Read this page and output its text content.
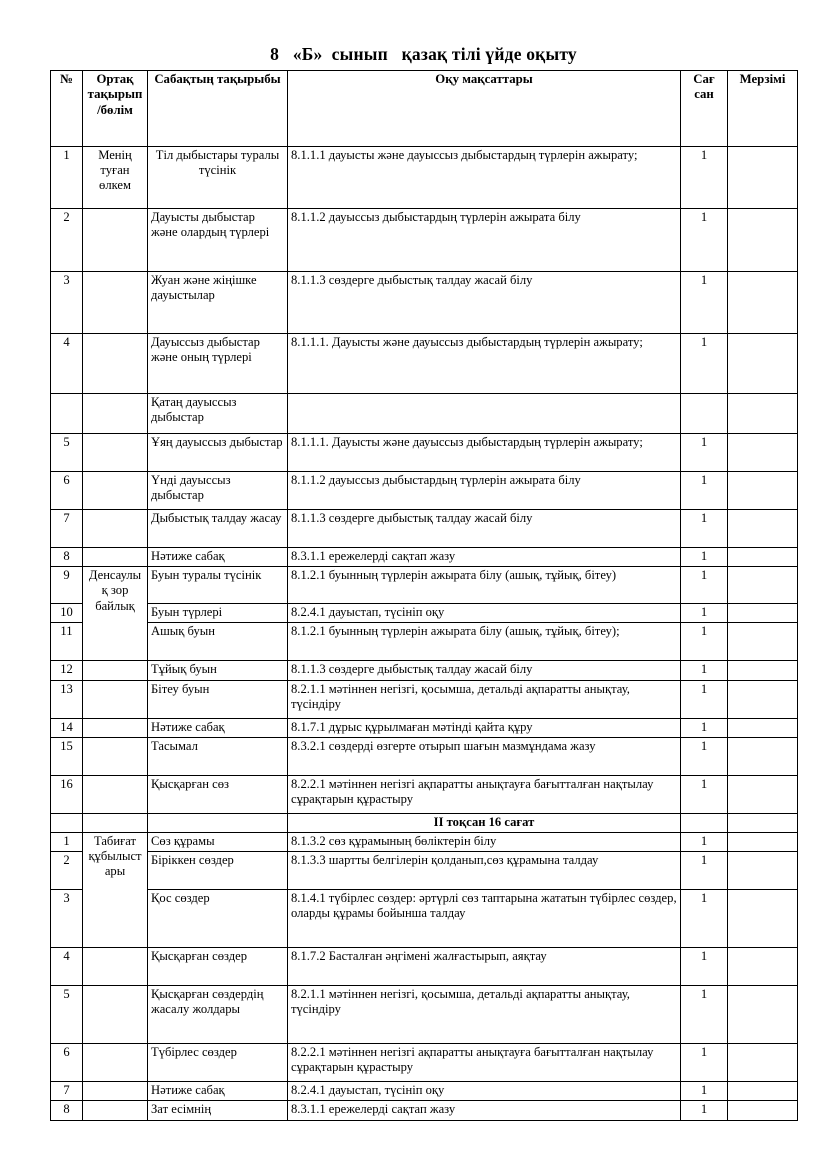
8   «Б»  сынып   қазақ тілі үйде оқыту
№	Ортақ тақырып /бөлім	Сабақтың тақырыбы	Оқу мақсаттары	Сағ сан	Мерзімі
1	Менің туған өлкем	Тіл дыбыстары туралы түсінік	8.1.1.1 дауысты және дауыссыз дыбыстардың түрлерін ажырату;	1	
2		Дауысты дыбыстар және олардың түрлері	8.1.1.2 дауыссыз дыбыстардың түрлерін ажырата білу	1	
3		Жуан және жіңішке дауыстылар	8.1.1.3 сөздерге дыбыстық талдау жасай білу	1	
4		Дауыссыз дыбыстар және оның түрлері	8.1.1.1. Дауысты және дауыссыз дыбыстардың түрлерін ажырату;	1	
		Қатаң дауыссыз дыбыстар			
5		Ұяң дауыссыз дыбыстар	8.1.1.1. Дауысты және дауыссыз дыбыстардың түрлерін ажырату;	1	
6		Үнді дауыссыз дыбыстар	8.1.1.2 дауыссыз дыбыстардың түрлерін ажырата білу	1	
7		Дыбыстық талдау жасау	8.1.1.3 сөздерге дыбыстық талдау жасай білу	1	
8		Нәтиже сабақ	8.3.1.1 ережелерді сақтап жазу	1	
9	Денсаулық зор байлық	Буын туралы түсінік	8.1.2.1 буынның түрлерін ажырата білу (ашық, тұйық, бітеу)	1	
10		Буын түрлері	8.2.4.1 дауыстап, түсініп оқу	1	
11		Ашық буын	8.1.2.1 буынның түрлерін ажырата білу (ашық, тұйық, бітеу);	1	
12		Тұйық буын	8.1.1.3 сөздерге дыбыстық талдау жасай білу	1	
13		Бітеу буын	8.2.1.1 мәтіннен негізгі, қосымша, детальді ақпаратты анықтау, түсіндіру	1	
14		Нәтиже сабақ	8.1.7.1 дұрыс құрылмаған мәтінді қайта құру	1	
15		Тасымал	8.3.2.1 сөздерді өзгерте отырып шағын мазмұндама жазу	1	
16		Қысқарған сөз	8.2.2.1 мәтіннен негізгі ақпаратты анықтауға бағытталған нақтылау сұрақтарын құрастыру	1	
			II тоқсан 16 сағат		
1	Табиғат құбылыстары	Сөз құрамы	8.1.3.2 сөз құрамының бөліктерін білу	1	
2		Біріккен сөздер	8.1.3.3 шартты белгілерін қолданып,сөз құрамына талдау	1	
3		Қос сөздер	8.1.4.1 түбірлес сөздер: әртүрлі сөз таптарына жататын түбірлес сөздер, оларды құрамы бойынша талдау	1	
4		Қысқарған сөздер	8.1.7.2 Басталған әңгімені жалғастырып, аяқтау	1	
5		Қысқарған сөздердің жасалу жолдары	8.2.1.1 мәтіннен негізгі, қосымша, детальді ақпаратты анықтау, түсіндіру	1	
6		Түбірлес сөздер	8.2.2.1 мәтіннен негізгі ақпаратты анықтауға бағытталған нақтылау сұрақтарын құрастыру	1	
7		Нәтиже сабақ	8.2.4.1 дауыстап, түсініп оқу	1	
8		Зат есімнің	8.3.1.1 ережелерді сақтап жазу	1	
